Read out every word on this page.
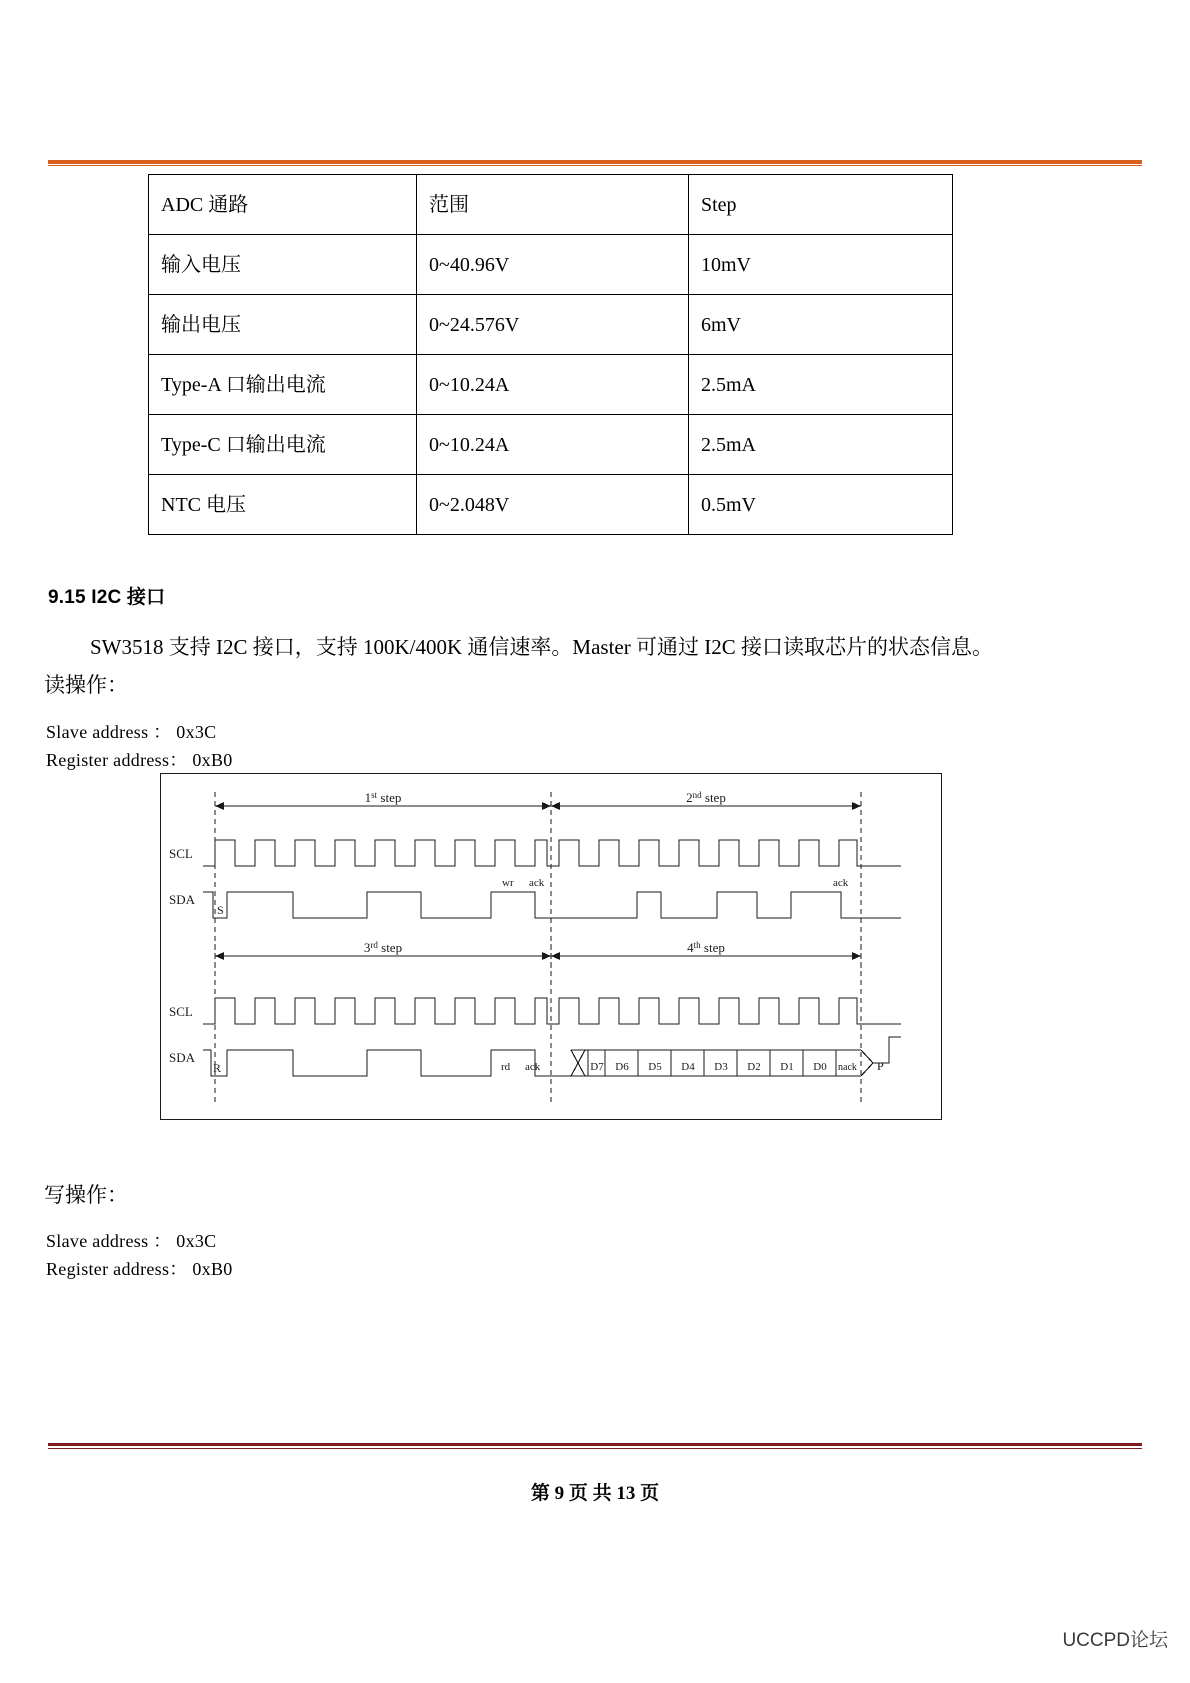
ADC 通路	范围	Step
输入电压	0~40.96V	10mV
输出电压	0~24.576V	6mV
Type-A 口输出电流	0~10.24A	2.5mA
Type-C 口输出电流	0~10.24A	2.5mA
NTC 电压	0~2.048V	0.5mV
9.15 I2C 接口
SW3518 支持 I2C 接口，支持 100K/400K 通信速率。Master 可通过 I2C 接口读取芯片的状态信息。
读操作：
Slave address ： 0x3C
Register address： 0xB0
1st step	2nd step
3rd step	4th step
SCL
SDA
SCL
SDA
S
wr ack	ack
R	rd ack	nack P
D7 D6 D5 D4 D3 D2 D1 D0
写操作：
Slave address ： 0x3C
Register address： 0xB0
第 9 页 共 13 页
UCCPD论坛
